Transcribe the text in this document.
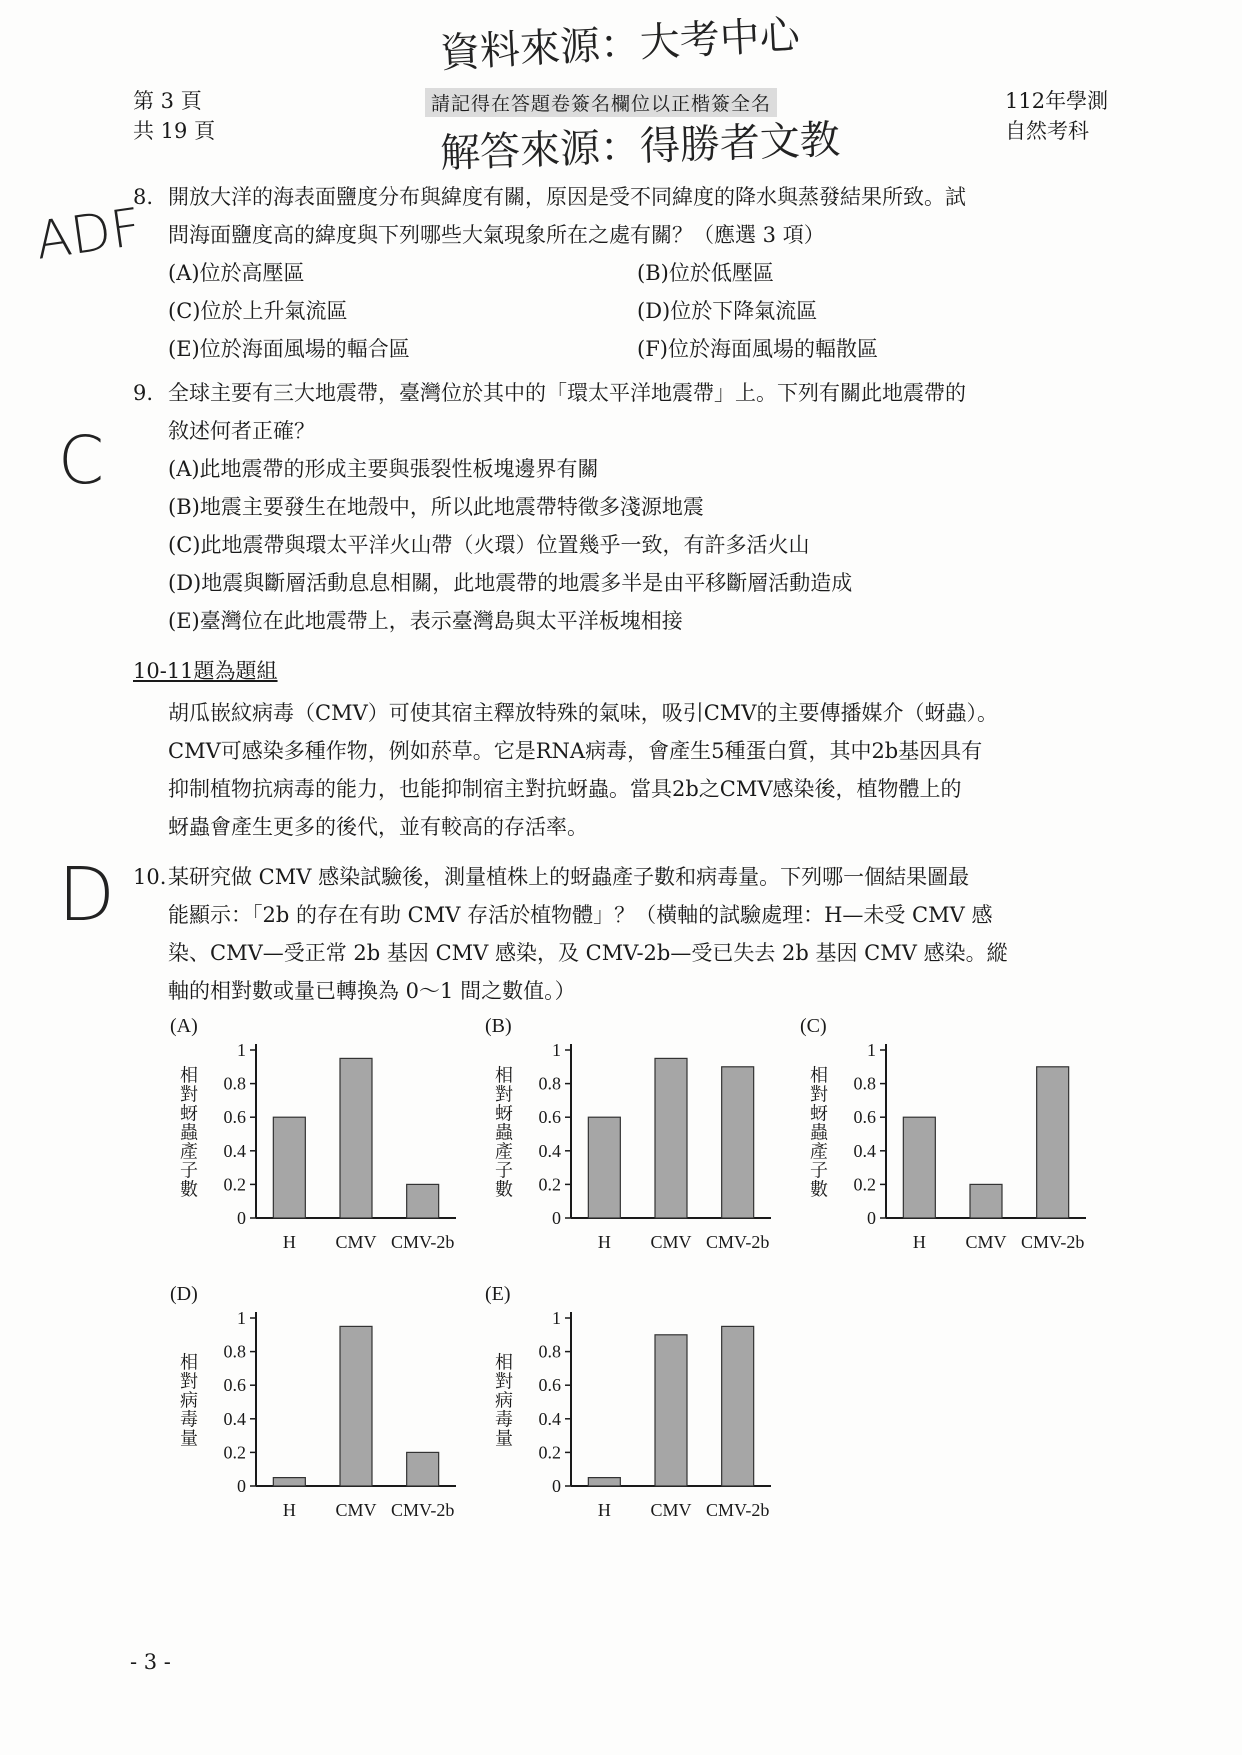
第 3 頁
共 19 頁
112年學測
自然考科
請記得在答題卷簽名欄位以正楷簽全名
資料來源：大考中心
解答來源：得勝者文教
ADF
C
D
8. 開放大洋的海表面鹽度分布與緯度有關，原因是受不同緯度的降水與蒸發結果所致。試
問海面鹽度高的緯度與下列哪些大氣現象所在之處有關？（應選 3 項）
(A)位於高壓區	(B)位於低壓區
(C)位於上升氣流區	(D)位於下降氣流區
(E)位於海面風場的輻合區	(F)位於海面風場的輻散區
9. 全球主要有三大地震帶，臺灣位於其中的「環太平洋地震帶」上。下列有關此地震帶的
敘述何者正確？
(A)此地震帶的形成主要與張裂性板塊邊界有關
(B)地震主要發生在地殼中，所以此地震帶特徵多淺源地震
(C)此地震帶與環太平洋火山帶（火環）位置幾乎一致，有許多活火山
(D)地震與斷層活動息息相關，此地震帶的地震多半是由平移斷層活動造成
(E)臺灣位在此地震帶上，表示臺灣島與太平洋板塊相接
10-11題為題組
胡瓜嵌紋病毒（CMV）可使其宿主釋放特殊的氣味，吸引CMV的主要傳播媒介（蚜蟲）。
CMV可感染多種作物，例如菸草。它是RNA病毒，會產生5種蛋白質，其中2b基因具有
抑制植物抗病毒的能力，也能抑制宿主對抗蚜蟲。當具2b之CMV感染後，植物體上的
蚜蟲會產生更多的後代，並有較高的存活率。
10. 某研究做 CMV 感染試驗後，測量植株上的蚜蟲產子數和病毒量。下列哪一個結果圖最
能顯示：「2b 的存在有助 CMV 存活於植物體」？（橫軸的試驗處理：H—未受 CMV 感
染、CMV—受正常 2b 基因 CMV 感染，及 CMV-2b—受已失去 2b 基因 CMV 感染。縱
軸的相對數或量已轉換為 0～1 間之數值。）
(A)
相
對
蚜
蟲
產
子
數
0
0.2
0.4
0.6
0.8
1
H CMV CMV-2b
(B)
相
對
蚜
蟲
產
子
數
0
0.2
0.4
0.6
0.8
1
H CMV CMV-2b
(C)
相
對
蚜
蟲
產
子
數
0
0.2
0.4
0.6
0.8
1
H CMV CMV-2b
(D)
相
對
病
毒
量
0
0.2
0.4
0.6
0.8
1
H CMV CMV-2b
(E)
相
對
病
毒
量
0
0.2
0.4
0.6
0.8
1
H CMV CMV-2b
- 3 -
